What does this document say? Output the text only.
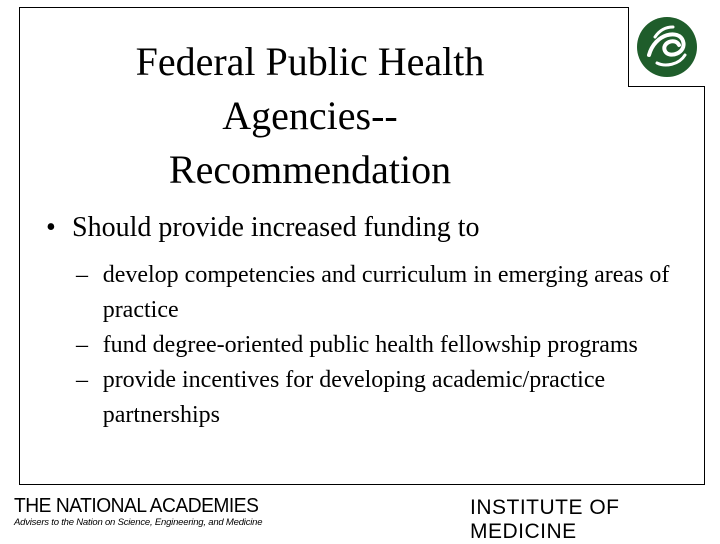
Federal Public Health
Agencies--
Recommendation
• Should provide increased funding to
– develop competencies and curriculum in emerging areas of practice
– fund degree-oriented public health fellowship programs
– provide incentives for developing academic/practice partnerships
THE NATIONAL ACADEMIES
Advisers to the Nation on Science, Engineering, and Medicine
INSTITUTE OF MEDICINE
